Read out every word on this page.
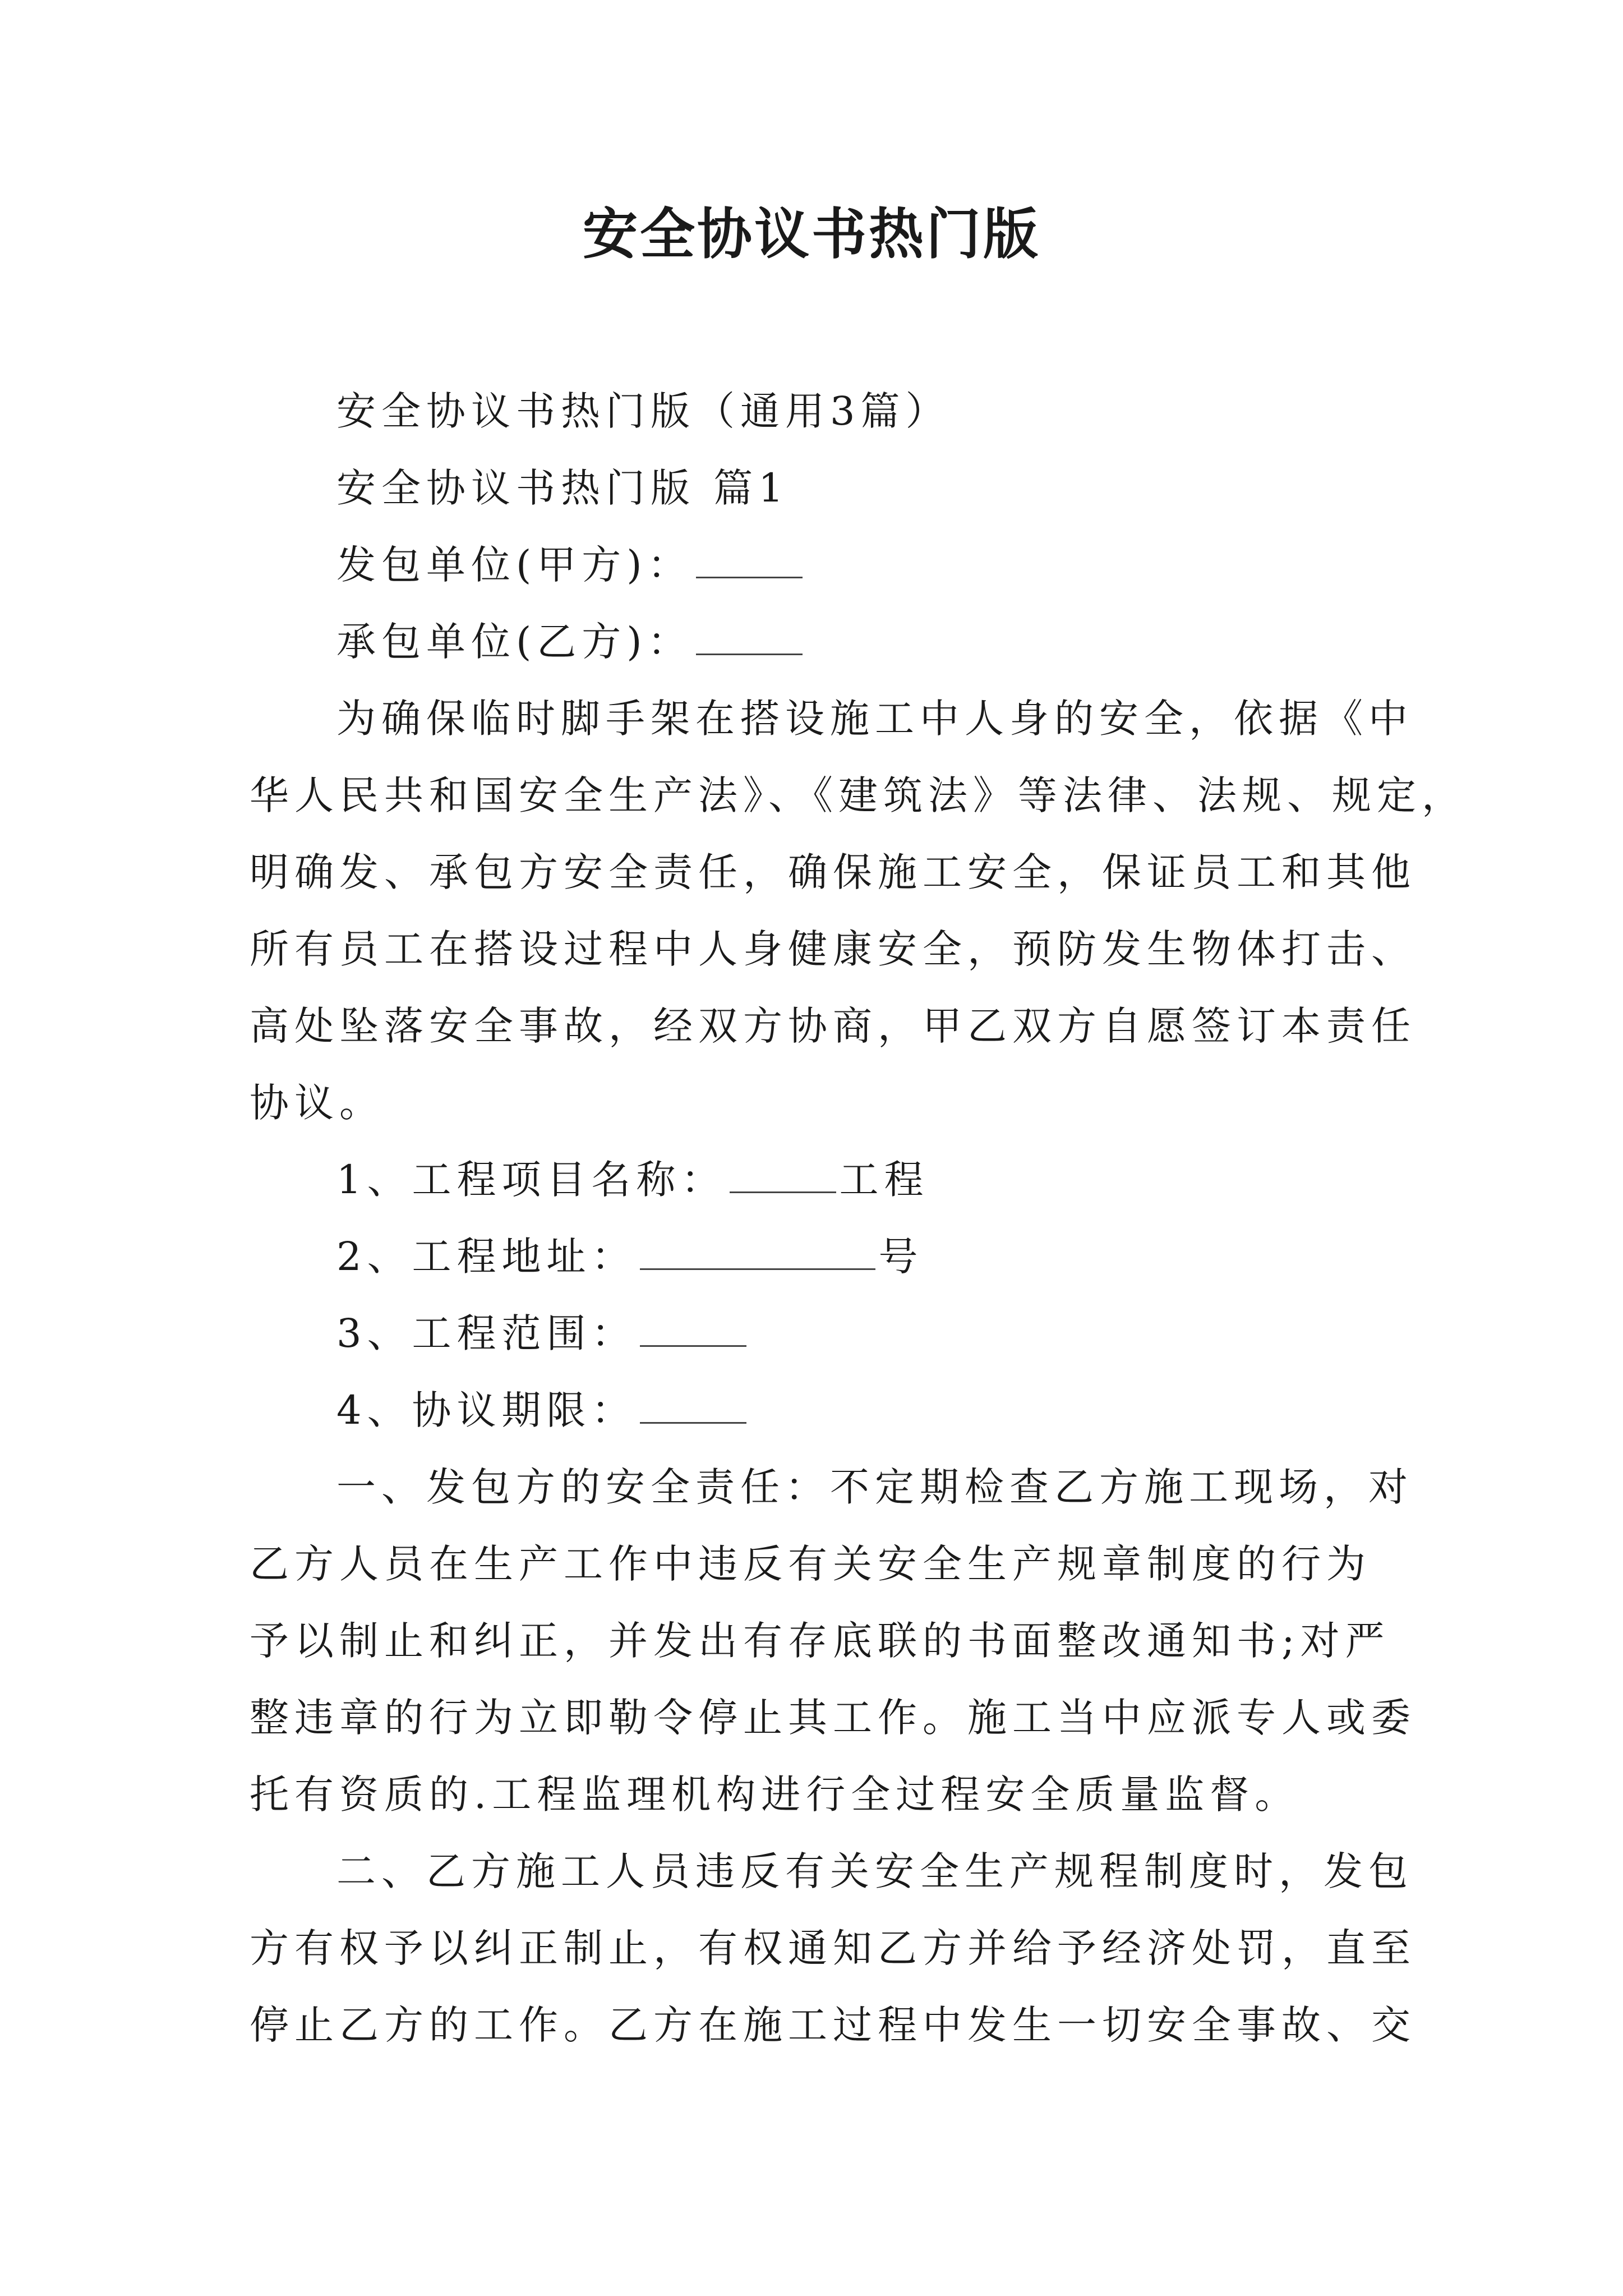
安全协议书热门版
安全协议书热门版（通用3篇）
安全协议书热门版 篇1
发包单位(甲方)：
承包单位(乙方)：
为确保临时脚手架在搭设施工中人身的安全，依据《中
华人民共和国安全生产法》、《建筑法》等法律、法规、规定，
明确发、承包方安全责任，确保施工安全，保证员工和其他
所有员工在搭设过程中人身健康安全，预防发生物体打击、
高处坠落安全事故，经双方协商，甲乙双方自愿签订本责任
协议。
1、工程项目名称：	工程
2、工程地址：	号
3、工程范围：
4、协议期限：
一、发包方的安全责任：不定期检查乙方施工现场，对
乙方人员在生产工作中违反有关安全生产规章制度的行为
予以制止和纠正，并发出有存底联的书面整改通知书;对严
整违章的行为立即勒令停止其工作。施工当中应派专人或委
托有资质的.工程监理机构进行全过程安全质量监督。
二、乙方施工人员违反有关安全生产规程制度时，发包
方有权予以纠正制止，有权通知乙方并给予经济处罚，直至
停止乙方的工作。乙方在施工过程中发生一切安全事故、交
